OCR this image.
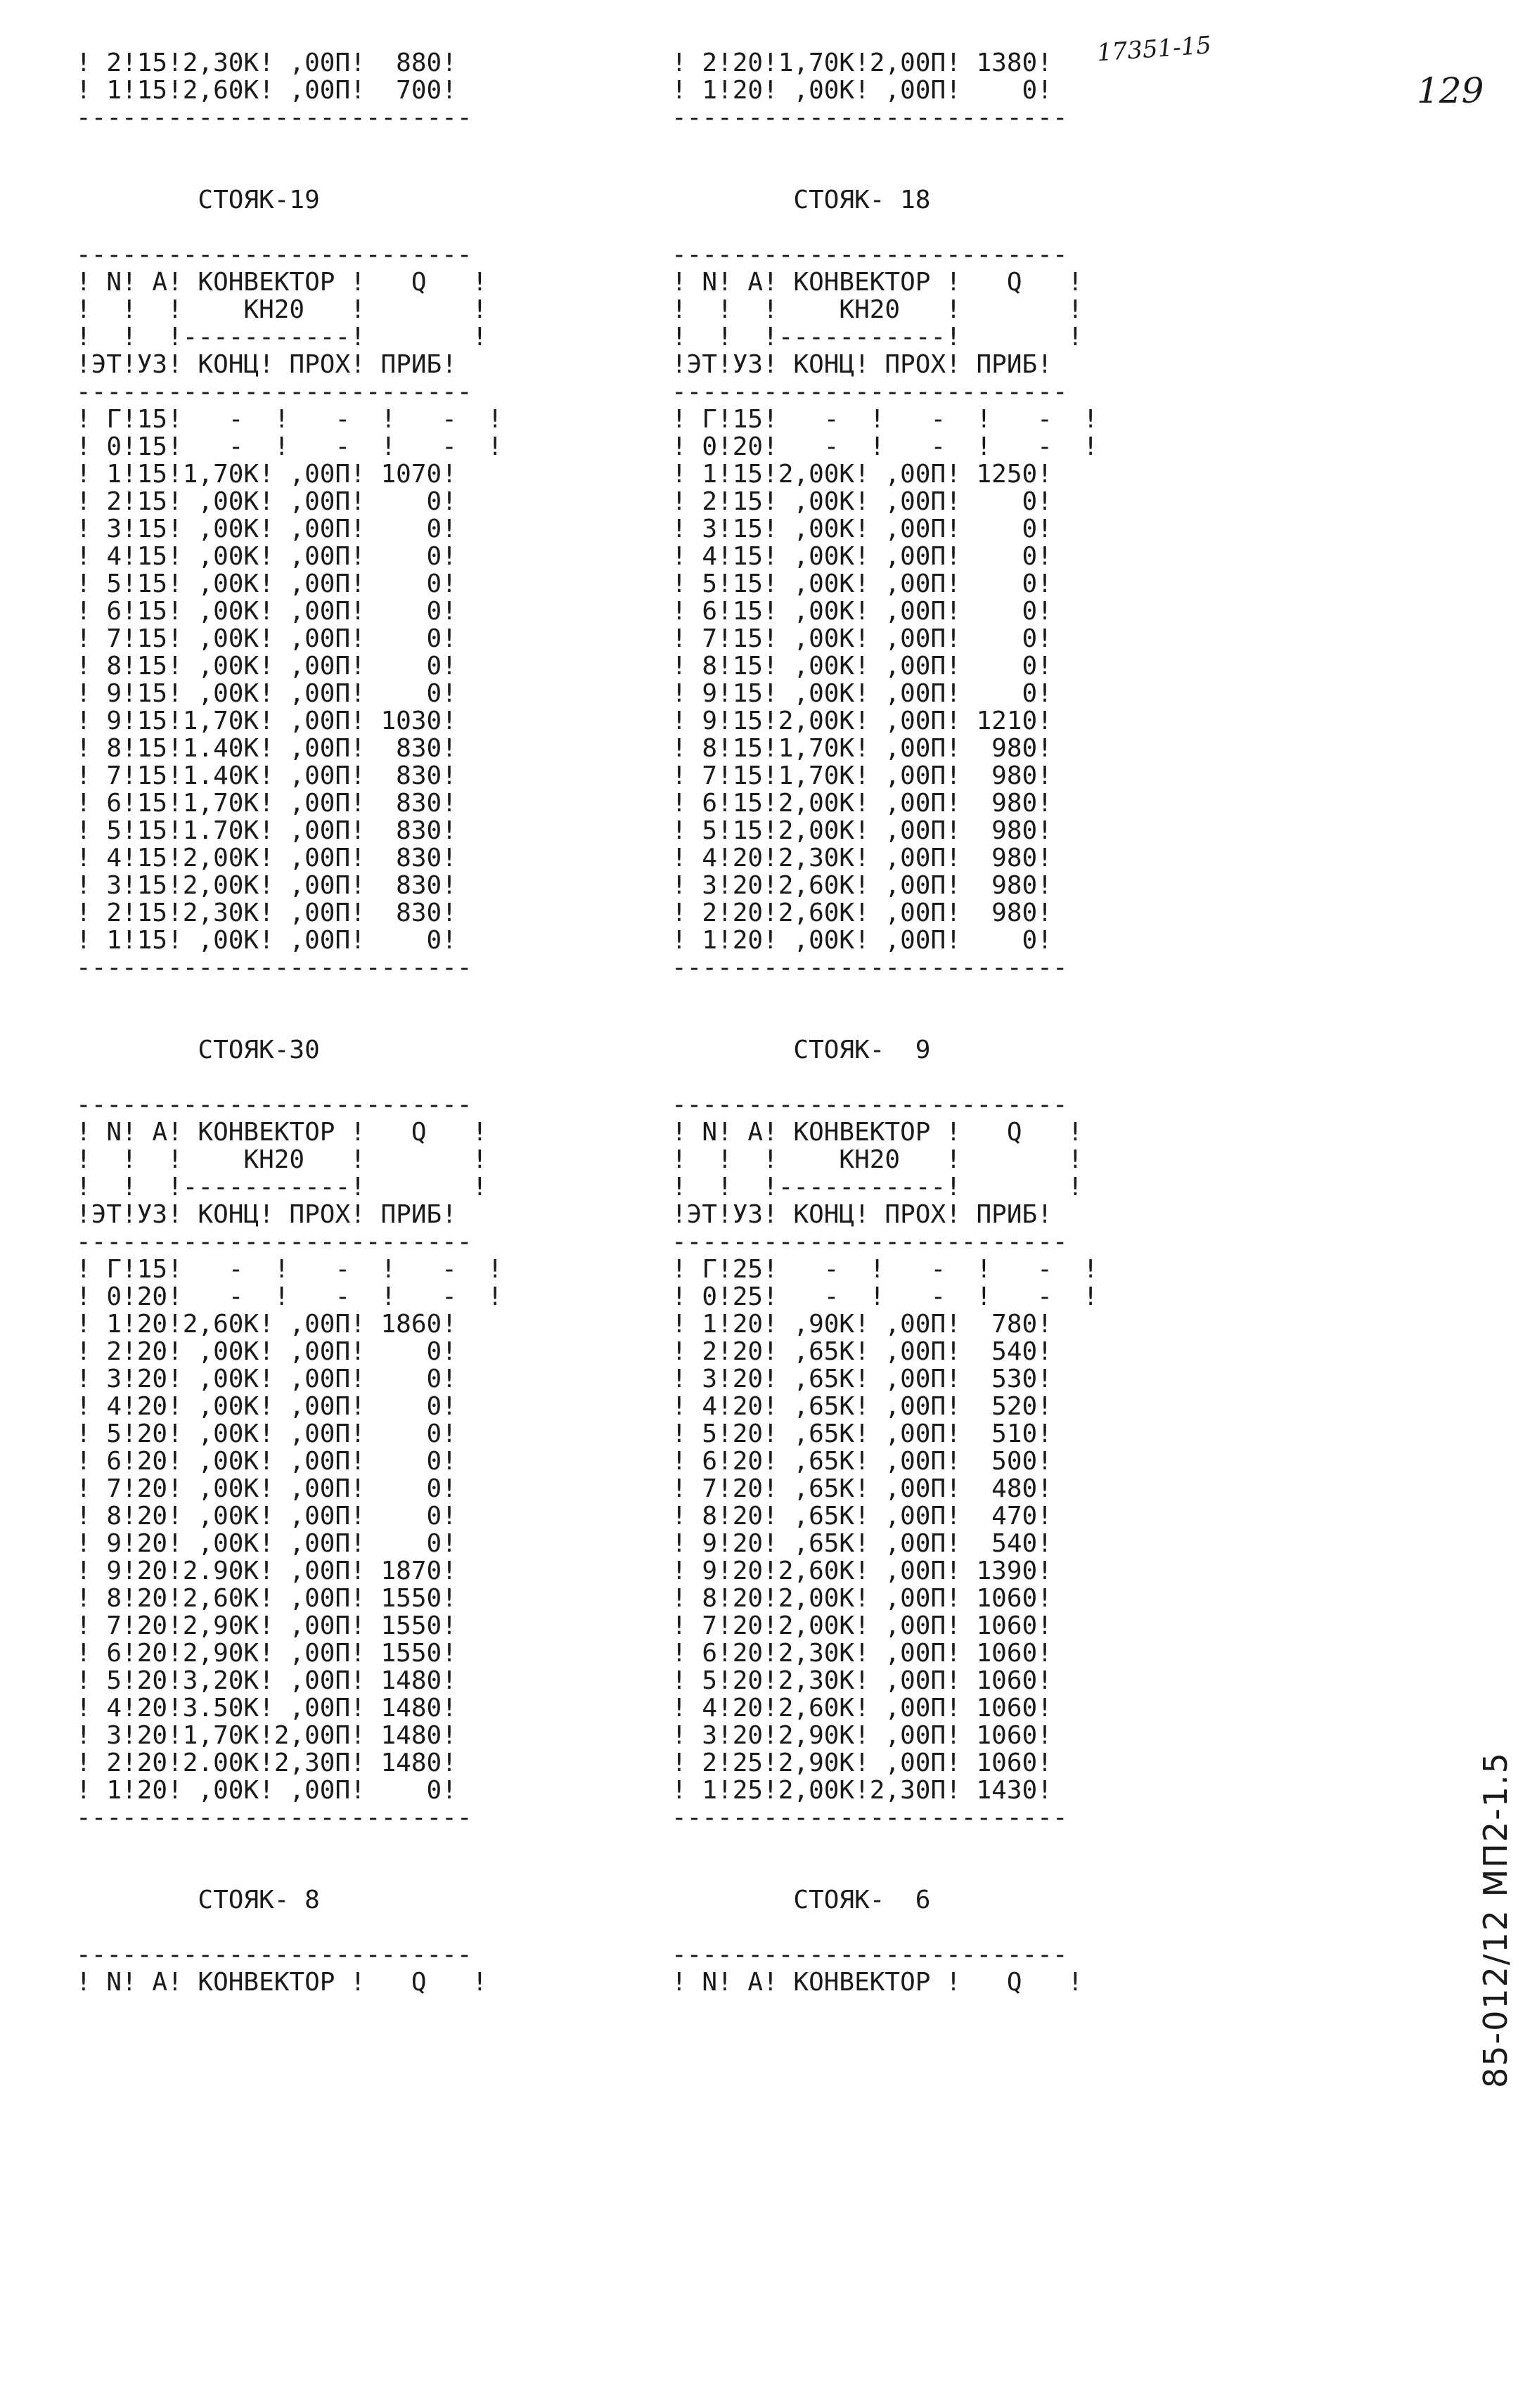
17351-15
129
85-012/12 МП2-1.5
! 2!15!2,30К! ,00П!  880!
! 1!15!2,60К! ,00П!  700!
--------------------------

СТОЯК-19

--------------------------
! N! А! КОНВЕКТОР !   Q   !
!  !  !    КН20   !       !
!  !  !-----------!       !
!ЭТ!УЗ! КОНЦ! ПРОХ! ПРИБ!
--------------------------
! Г!15!   -  !   -  !   -  !
! 0!15!   -  !   -  !   -  !
! 1!15!1,70К! ,00П! 1070!
! 2!15! ,00К! ,00П!    0!
! 3!15! ,00К! ,00П!    0!
! 4!15! ,00К! ,00П!    0!
! 5!15! ,00К! ,00П!    0!
! 6!15! ,00К! ,00П!    0!
! 7!15! ,00К! ,00П!    0!
! 8!15! ,00К! ,00П!    0!
! 9!15! ,00К! ,00П!    0!
! 9!15!1,70К! ,00П! 1030!
! 8!15!1.40К! ,00П!  830!
! 7!15!1.40К! ,00П!  830!
! 6!15!1,70К! ,00П!  830!
! 5!15!1.70К! ,00П!  830!
! 4!15!2,00К! ,00П!  830!
! 3!15!2,00К! ,00П!  830!
! 2!15!2,30К! ,00П!  830!
! 1!15! ,00К! ,00П!    0!
--------------------------

СТОЯК-30

--------------------------
! N! А! КОНВЕКТОР !   Q   !
!  !  !    КН20   !       !
!  !  !-----------!       !
!ЭТ!УЗ! КОНЦ! ПРОХ! ПРИБ!
--------------------------
! Г!15!   -  !   -  !   -  !
! 0!20!   -  !   -  !   -  !
! 1!20!2,60К! ,00П! 1860!
! 2!20! ,00К! ,00П!    0!
! 3!20! ,00К! ,00П!    0!
! 4!20! ,00К! ,00П!    0!
! 5!20! ,00К! ,00П!    0!
! 6!20! ,00К! ,00П!    0!
! 7!20! ,00К! ,00П!    0!
! 8!20! ,00К! ,00П!    0!
! 9!20! ,00К! ,00П!    0!
! 9!20!2.90К! ,00П! 1870!
! 8!20!2,60К! ,00П! 1550!
! 7!20!2,90К! ,00П! 1550!
! 6!20!2,90К! ,00П! 1550!
! 5!20!3,20К! ,00П! 1480!
! 4!20!3.50К! ,00П! 1480!
! 3!20!1,70К!2,00П! 1480!
! 2!20!2.00К!2,30П! 1480!
! 1!20! ,00К! ,00П!    0!
--------------------------

СТОЯК- 8

--------------------------
! N! А! КОНВЕКТОР !   Q   !
! 2!20!1,70К!2,00П! 1380!
! 1!20! ,00К! ,00П!    0!
--------------------------

СТОЯК- 18

--------------------------
! N! А! КОНВЕКТОР !   Q   !
!  !  !    КН20   !       !
!  !  !-----------!       !
!ЭТ!УЗ! КОНЦ! ПРОХ! ПРИБ!
--------------------------
! Г!15!   -  !   -  !   -  !
! 0!20!   -  !   -  !   -  !
! 1!15!2,00К! ,00П! 1250!
! 2!15! ,00К! ,00П!    0!
! 3!15! ,00К! ,00П!    0!
! 4!15! ,00К! ,00П!    0!
! 5!15! ,00К! ,00П!    0!
! 6!15! ,00К! ,00П!    0!
! 7!15! ,00К! ,00П!    0!
! 8!15! ,00К! ,00П!    0!
! 9!15! ,00К! ,00П!    0!
! 9!15!2,00К! ,00П! 1210!
! 8!15!1,70К! ,00П!  980!
! 7!15!1,70К! ,00П!  980!
! 6!15!2,00К! ,00П!  980!
! 5!15!2,00К! ,00П!  980!
! 4!20!2,30К! ,00П!  980!
! 3!20!2,60К! ,00П!  980!
! 2!20!2,60К! ,00П!  980!
! 1!20! ,00К! ,00П!    0!
--------------------------

СТОЯК-  9

--------------------------
! N! А! КОНВЕКТОР !   Q   !
!  !  !    КН20   !       !
!  !  !-----------!       !
!ЭТ!УЗ! КОНЦ! ПРОХ! ПРИБ!
--------------------------
! Г!25!   -  !   -  !   -  !
! 0!25!   -  !   -  !   -  !
! 1!20! ,90К! ,00П!  780!
! 2!20! ,65К! ,00П!  540!
! 3!20! ,65К! ,00П!  530!
! 4!20! ,65К! ,00П!  520!
! 5!20! ,65К! ,00П!  510!
! 6!20! ,65К! ,00П!  500!
! 7!20! ,65К! ,00П!  480!
! 8!20! ,65К! ,00П!  470!
! 9!20! ,65К! ,00П!  540!
! 9!20!2,60К! ,00П! 1390!
! 8!20!2,00К! ,00П! 1060!
! 7!20!2,00К! ,00П! 1060!
! 6!20!2,30К! ,00П! 1060!
! 5!20!2,30К! ,00П! 1060!
! 4!20!2,60К! ,00П! 1060!
! 3!20!2,90К! ,00П! 1060!
! 2!25!2,90К! ,00П! 1060!
! 1!25!2,00К!2,30П! 1430!
--------------------------

СТОЯК-  6

--------------------------
! N! А! КОНВЕКТОР !   Q   !
